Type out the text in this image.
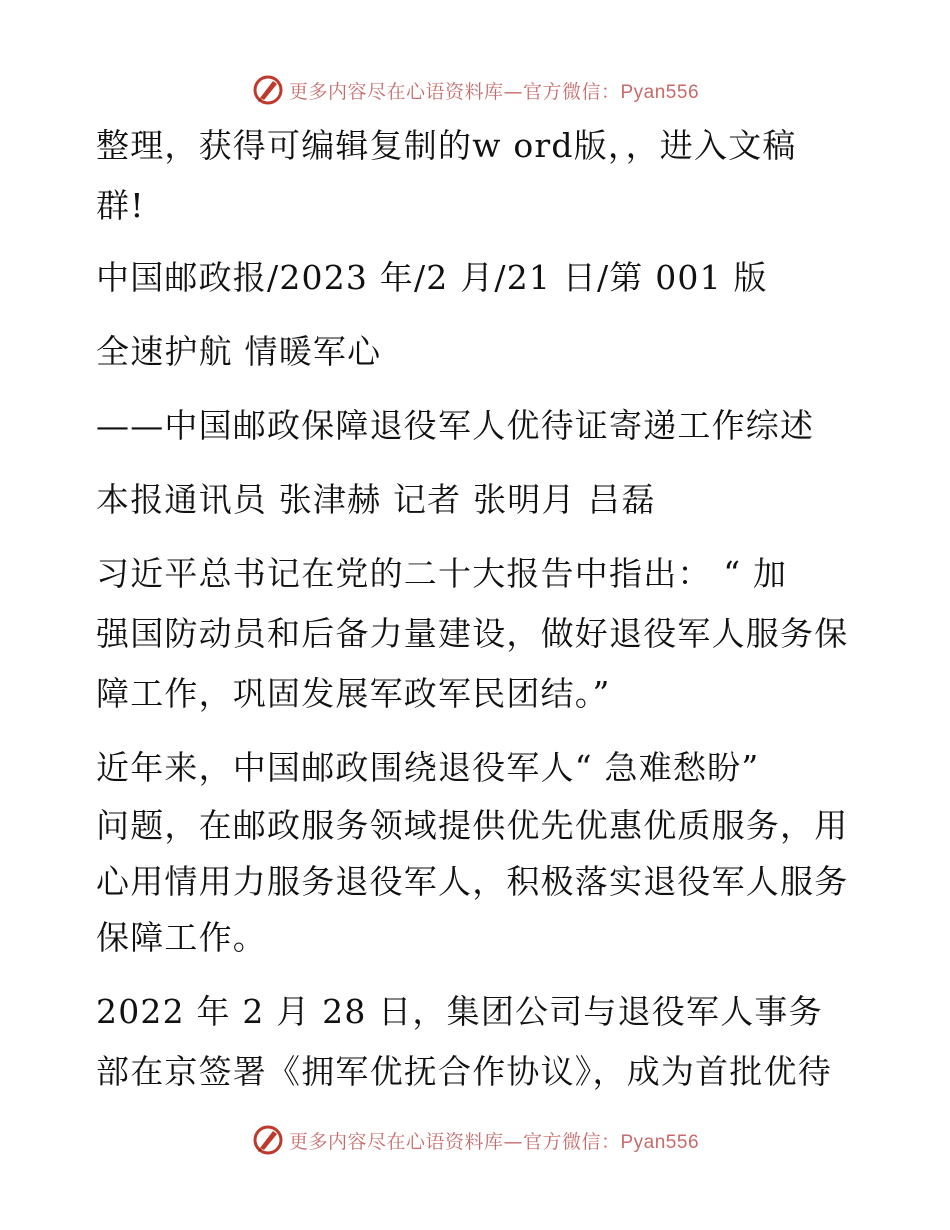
更多内容尽在心语资料库—官方微信：Pyan556
整理，获得可编辑复制的w ord版，，进入文稿
群!
中国邮政报/2023 年/2 月/21 日/第 001 版
全速护航 情暖军心
——中国邮政保障退役军人优待证寄递工作综述
本报通讯员 张津赫 记者 张明月 吕磊
习近平总书记在党的二十大报告中指出： “ 加
强国防动员和后备力量建设，做好退役军人服务保
障工作，巩固发展军政军民团结。”
近年来，中国邮政围绕退役军人“ 急难愁盼”
问题，在邮政服务领域提供优先优惠优质服务，用
心用情用力服务退役军人，积极落实退役军人服务
保障工作。
2022 年 2 月 28 日，集团公司与退役军人事务
部在京签署《拥军优抚合作协议》，成为首批优待
更多内容尽在心语资料库—官方微信：Pyan556
